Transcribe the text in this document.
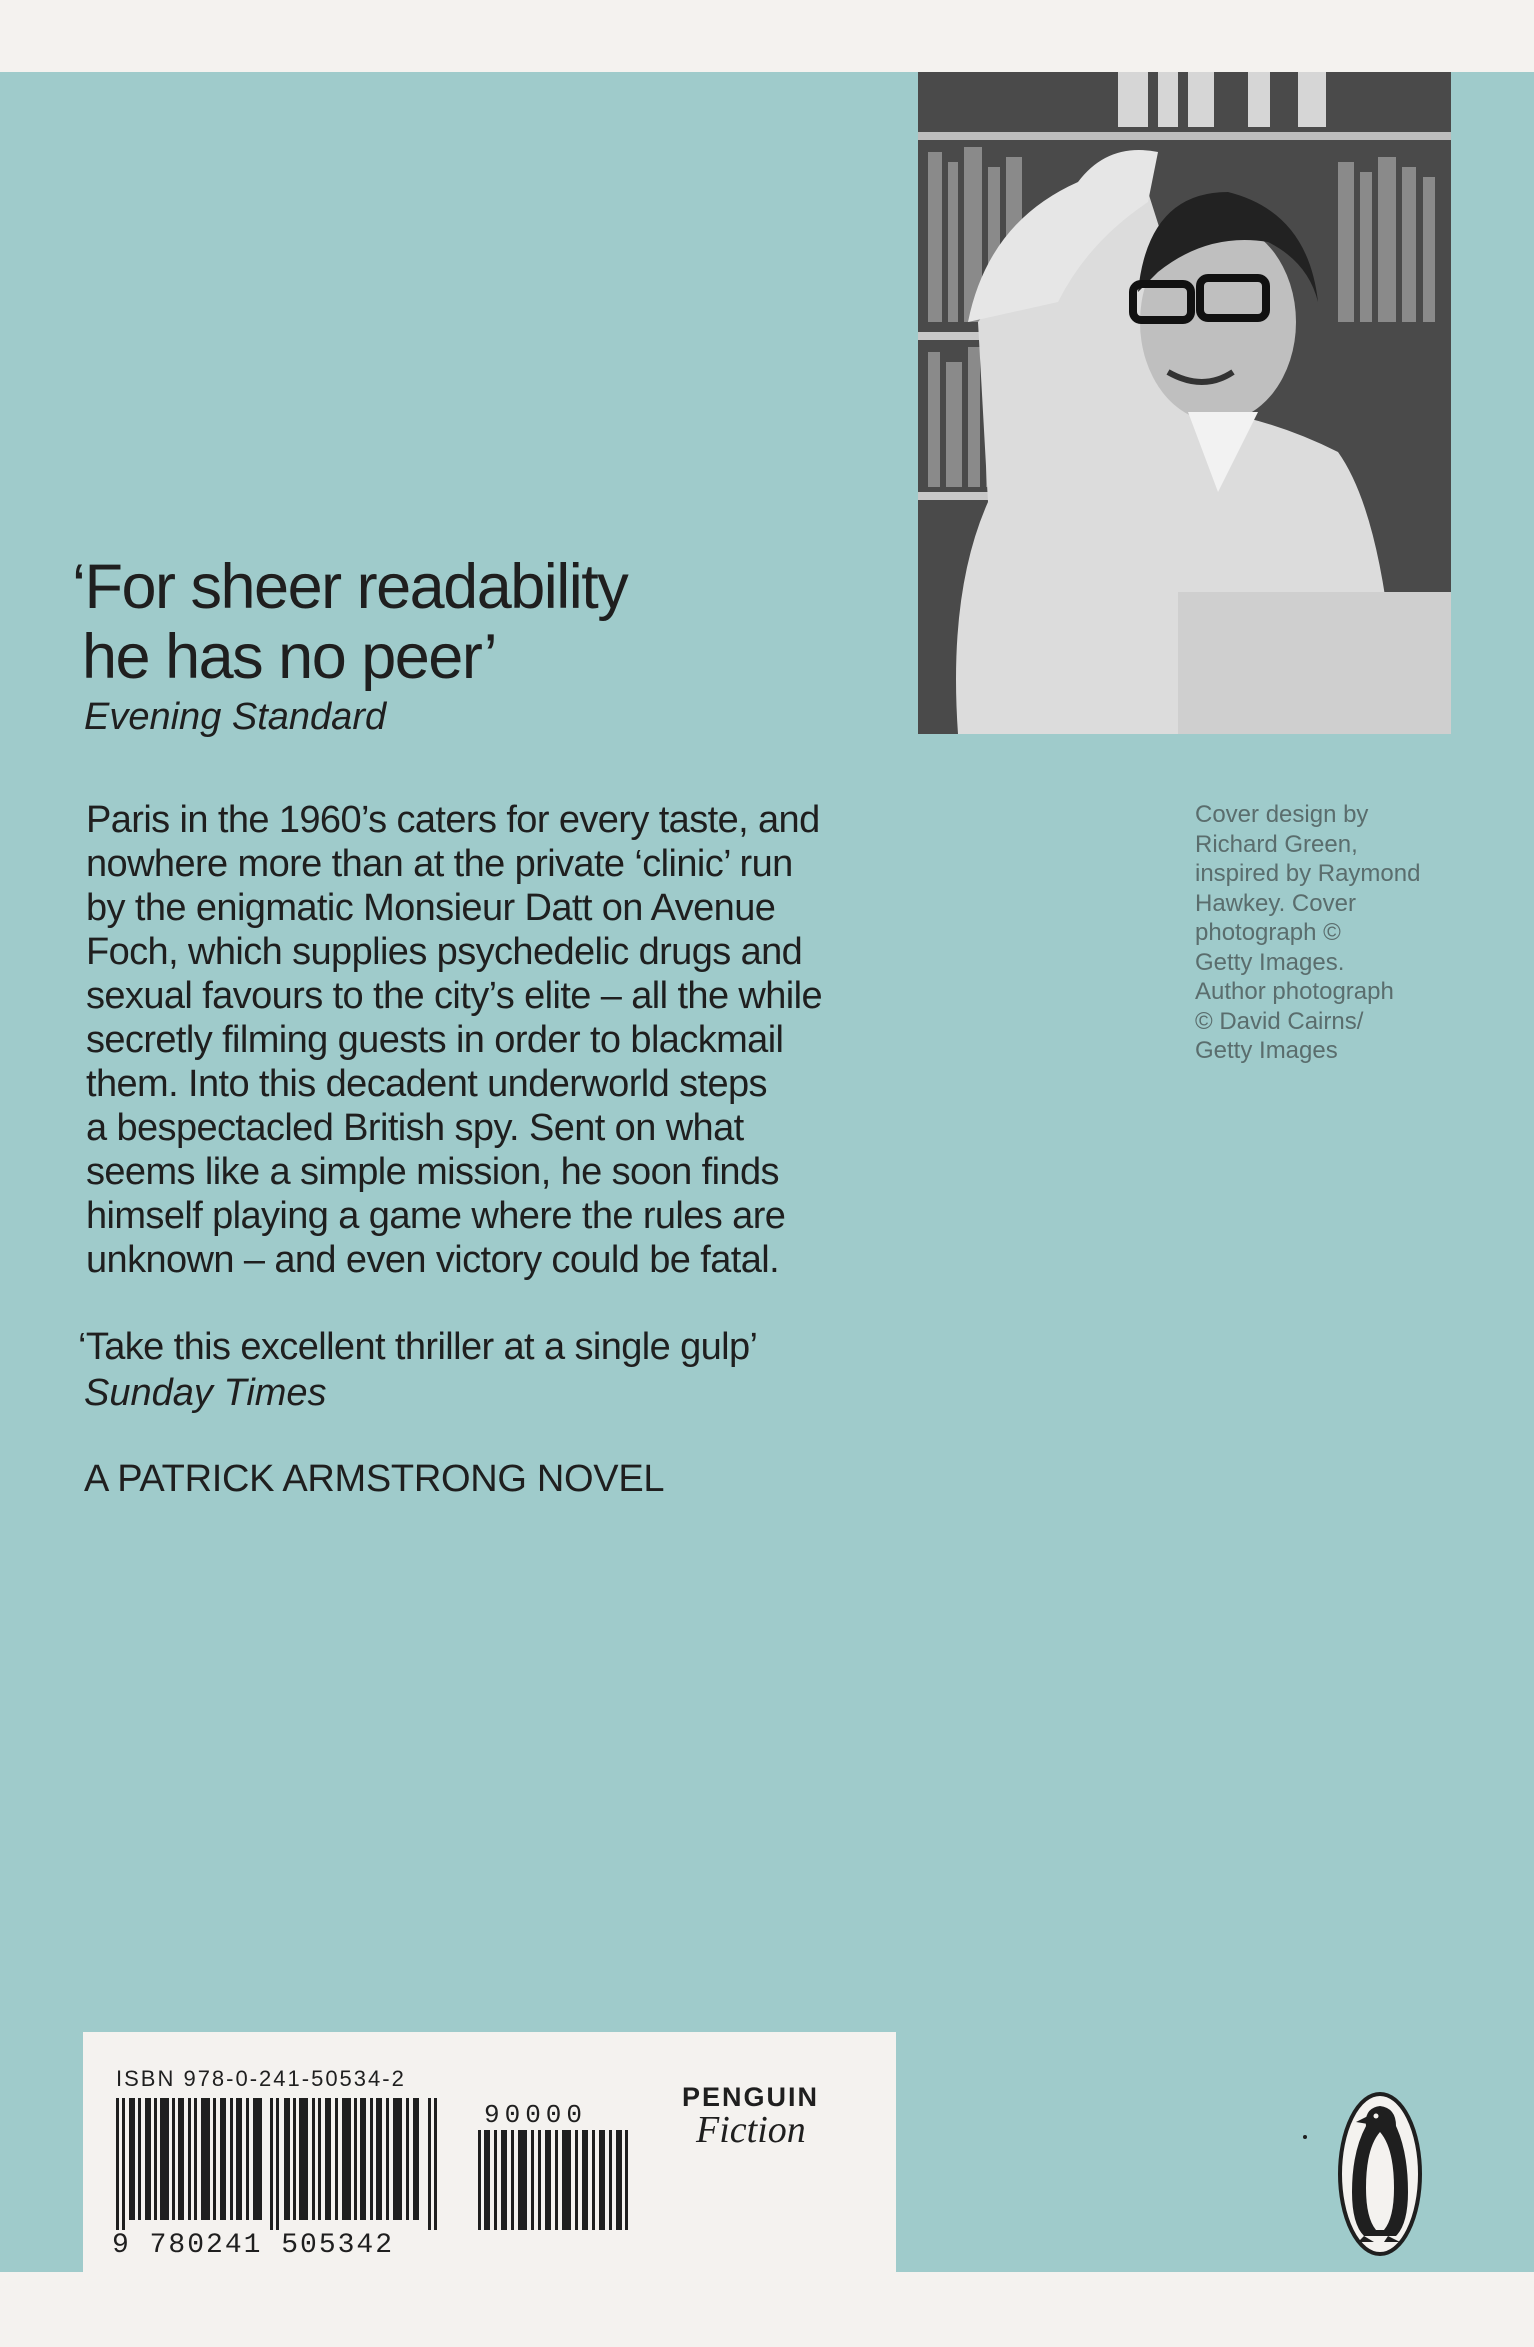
‘For sheer readability
he has no peer’
Evening Standard
Paris in the 1960’s caters for every taste, and
nowhere more than at the private ‘clinic’ run
by the enigmatic Monsieur Datt on Avenue
Foch, which supplies psychedelic drugs and
sexual favours to the city’s elite – all the while
secretly filming guests in order to blackmail
them. Into this decadent underworld steps
a bespectacled British spy. Sent on what
seems like a simple mission, he soon finds
himself playing a game where the rules are
unknown – and even victory could be fatal.
‘Take this excellent thriller at a single gulp’
Sunday Times
A PATRICK ARMSTRONG NOVEL
Cover design by
Richard Green,
inspired by Raymond
Hawkey. Cover
photograph ©
Getty Images.
Author photograph
© David Cairns/
Getty Images
ISBN 978-0-241-50534-2
90000
9 780241 505342
PENGUIN
Fiction
